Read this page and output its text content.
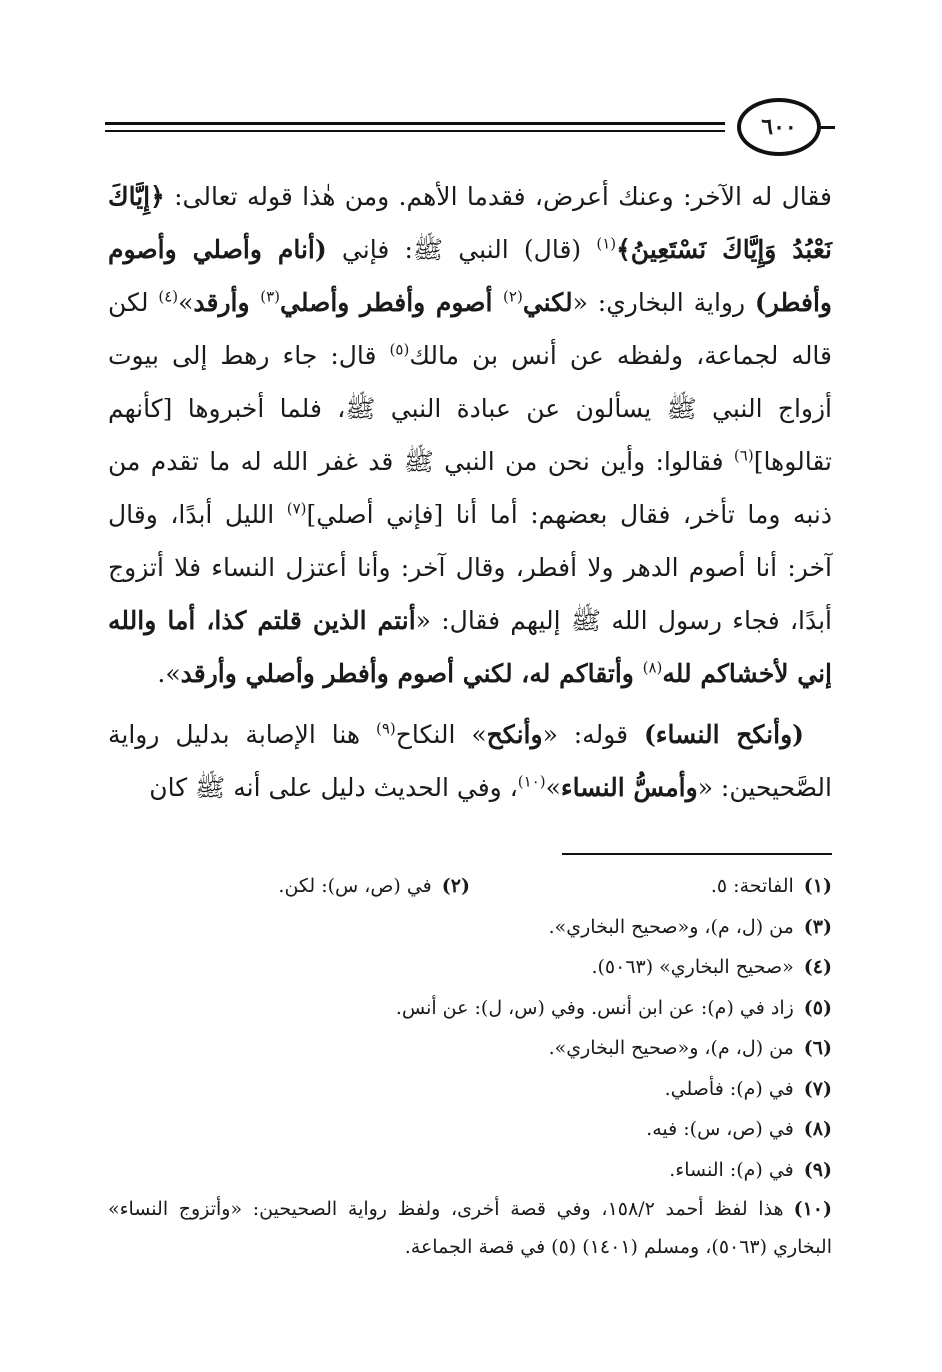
٦٠٠

فقال له الآخر: وعنك أعرض، فقدما الأهم. ومن هٰذا قوله تعالى: ﴿إِيَّاكَ نَعْبُدُ وَإِيَّاكَ نَسْتَعِينُ﴾$^{(١)}$ (قال) النبي ﷺ: فإني (أنام وأصلي وأصوم وأفطر) رواية البخاري: «لكني$^{(٢)}$ أصوم وأفطر وأصلي$^{(٣)}$ وأرقد»$^{(٤)}$ لكن قاله لجماعة، ولفظه عن أنس بن مالك$^{(٥)}$ قال: جاء رهط إلى بيوت أزواج النبي ﷺ يسألون عن عبادة النبي ﷺ، فلما أخبروها [كأنهم تقالوها]$^{(٦)}$ فقالوا: وأين نحن من النبي ﷺ قد غفر الله له ما تقدم من ذنبه وما تأخر، فقال بعضهم: أما أنا [فإني أصلي]$^{(٧)}$ الليل أبدًا، وقال آخر: أنا أصوم الدهر ولا أفطر، وقال آخر: وأنا أعتزل النساء فلا أتزوج أبدًا، فجاء رسول الله ﷺ إليهم فقال: «أنتم الذين قلتم كذا، أما والله إني لأخشاكم لله$^{(٨)}$ وأتقاكم له، لكني أصوم وأفطر وأصلي وأرقد».

(وأنكح النساء) قوله: «وأنكح» النكاح$^{(٩)}$ هنا الإصابة بدليل رواية الصَّحيحين: «وأمسُّ النساء»$^{(١٠)}$، وفي الحديث دليل على أنه ﷺ كان

(١)الفاتحة: ٥.
(٢)في (ص، س): لكن.
(٣)من (ل، م)، و«صحيح البخاري».
(٤)«صحيح البخاري» (٥٠٦٣).
(٥)زاد في (م): عن ابن أنس. وفي (س، ل): عن أنس.
(٦)من (ل، م)، و«صحيح البخاري».
(٧)في (م): فأصلي.
(٨)في (ص، س): فيه.
(٩)في (م): النساء.
(١٠)هذا لفظ أحمد ١٥٨/٢، وفي قصة أخرى، ولفظ رواية الصحيحين: «وأتزوج النساء» البخاري (٥٠٦٣)، ومسلم (١٤٠١) (٥) في قصة الجماعة.
